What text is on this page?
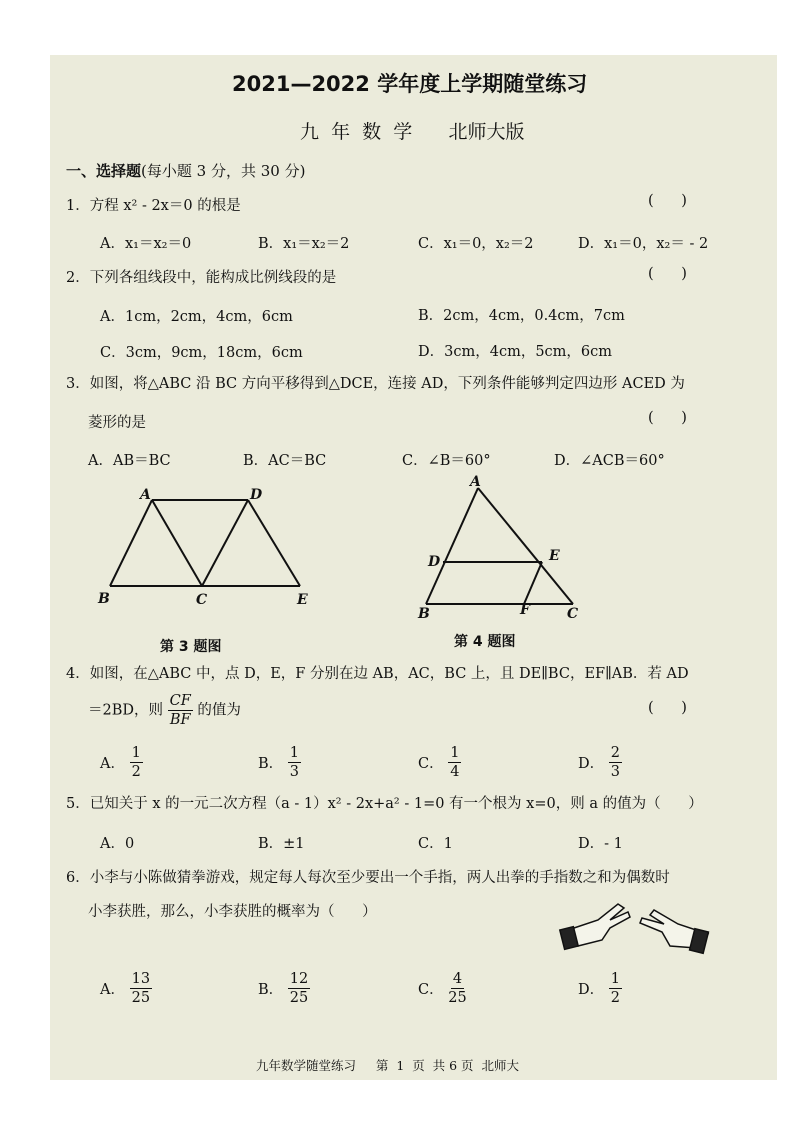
2021—2022 学年度上学期随堂练习
九  年  数  学      北师大版
一、选择题(每小题 3 分，共 30 分)
1．方程 x² - 2x＝0 的根是	(      )
A．x₁＝x₂＝0	B．x₁＝x₂＝2	C．x₁＝0，x₂＝2	D．x₁＝0，x₂＝ - 2
2．下列各组线段中，能构成比例线段的是	(      )
A．1cm，2cm，4cm，6cm	B．2cm，4cm，0.4cm，7cm
C．3cm，9cm，18cm，6cm	D．3cm，4cm，5cm，6cm
3．如图，将△ABC 沿 BC 方向平移得到△DCE，连接 AD，下列条件能够判定四边形 ACED 为
菱形的是	(      )
A．AB＝BC	B．AC＝BC	C．∠B＝60°	D．∠ACB＝60°
A	D
B	C	E
第 3 题图
A
D	E
B	F	C
第 4 题图
4．如图，在△ABC 中，点 D，E，F 分别在边 AB，AC，BC 上，且 DE∥BC，EF∥AB．若 AD
＝2BD，则 $\frac{CF}{BF}$ 的值为	(      )
A． $\frac{1}{2}$	B． $\frac{1}{3}$	C． $\frac{1}{4}$	D． $\frac{2}{3}$
5．已知关于 x 的一元二次方程（a - 1）x² - 2x+a² - 1=0 有一个根为 x=0，则 a 的值为（      ）
A．0	B．±1	C．1	D．- 1
6．小李与小陈做猜拳游戏，规定每人每次至少要出一个手指，两人出拳的手指数之和为偶数时
小李获胜，那么，小李获胜的概率为（      ）
A． $\frac{13}{25}$	B． $\frac{12}{25}$	C． $\frac{4}{25}$	D． $\frac{1}{2}$
九年数学随堂练习     第  1  页  共 6 页  北师大
